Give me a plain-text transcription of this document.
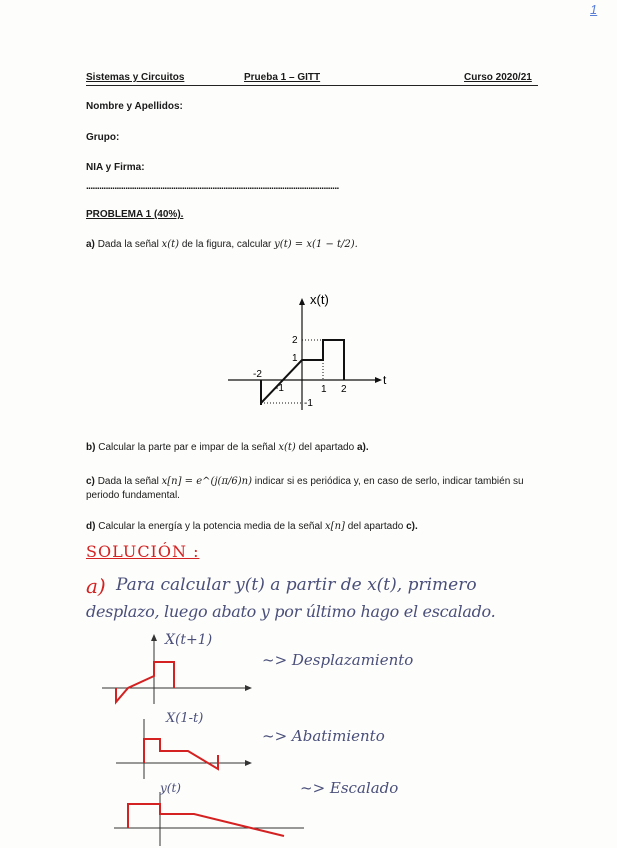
1
Sistemas y Circuitos	Prueba 1 – GITT	Curso 2020/21
Nombre y Apellidos:
Grupo:
NIA y Firma:
....................................................................................................................
PROBLEMA 1 (40%).
a) Dada la señal x(t) de la figura, calcular y(t) = x(1 − t/2).
x(t)
t
-2
-1	1 2
2
1
-1
b) Calcular la parte par e impar de la señal x(t) del apartado a).
c) Dada la señal x[n] = e^(j(π/6)n) indicar si es periódica y, en caso de serlo, indicar también su periodo fundamental.
d) Calcular la energía y la potencia media de la señal x[n] del apartado c).
SOLUCIÓN :
a) Para calcular y(t) a partir de x(t), primero
desplazo, luego abato y por último hago el escalado.
X(t+1)
~> Desplazamiento
X(1-t)
~> Abatimiento
y(t)	~> Escalado
